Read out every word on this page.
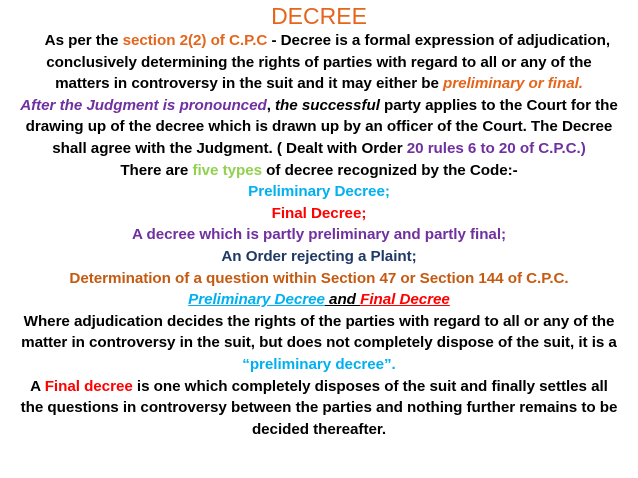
DECREE

As per the section 2(2) of C.P.C - Decree is a formal expression of adjudication, conclusively determining the rights of parties with regard to all or any of the matters in controversy in the suit and it may either be preliminary or final.

After the Judgment is pronounced, the successful party applies to the Court for the drawing up of the decree which is drawn up by an officer of the Court. The Decree shall agree with the Judgment. ( Dealt with Order 20 rules 6 to 20 of C.P.C.)

There are five types of decree recognized by the Code:-

Preliminary Decree;

Final Decree;

A decree which is partly preliminary and partly final;

An Order rejecting a Plaint;

Determination of a question within Section 47 or Section 144 of C.P.C.

Preliminary Decree and Final Decree

Where adjudication decides the rights of the parties with regard to all or any of the matter in controversy in the suit, but does not completely dispose of the suit, it is a “preliminary decree”.

A Final decree is one which completely disposes of the suit and finally settles all the questions in controversy between the parties and nothing further remains to be decided thereafter.
